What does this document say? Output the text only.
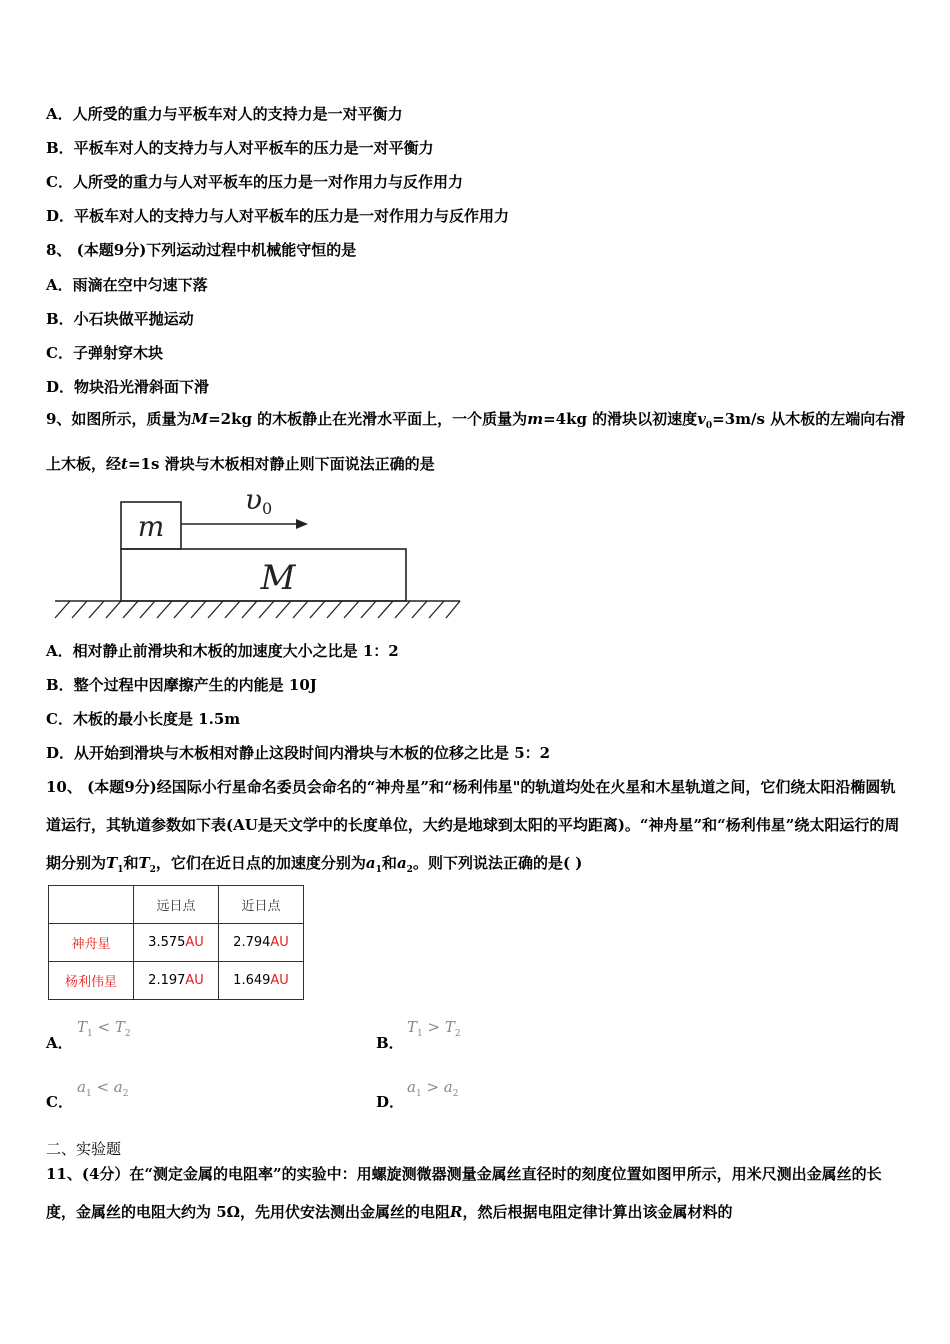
A．人所受的重力与平板车对人的支持力是一对平衡力
B．平板车对人的支持力与人对平板车的压力是一对平衡力
C．人所受的重力与人对平板车的压力是一对作用力与反作用力
D．平板车对人的支持力与人对平板车的压力是一对作用力与反作用力
8、 (本题9分)下列运动过程中机械能守恒的是
A．雨滴在空中匀速下落
B．小石块做平抛运动
C．子弹射穿木块
D．物块沿光滑斜面下滑
9、如图所示，质量为M=2kg 的木板静止在光滑水平面上，一个质量为m=4kg 的滑块以初速度$v_0=3m/s$ 从木板的左端向右滑上木板，经t=1s 滑块与木板相对静止则下面说法正确的是
m
υ0
M
A．相对静止前滑块和木板的加速度大小之比是 1：2
B．整个过程中因摩擦产生的内能是 10J
C．木板的最小长度是 1.5m
D．从开始到滑块与木板相对静止这段时间内滑块与木板的位移之比是 5：2
10、 (本题9分)经国际小行星命名委员会命名的“神舟星”和“杨利伟星"的轨道均处在火星和木星轨道之间，它们绕太阳沿椭圆轨道运行，其轨道参数如下表(AU是天文学中的长度单位，大约是地球到太阳的平均距离)。“神舟星”和“杨利伟星”绕太阳运行的周期分别为$T_1$和$T_2$，它们在近日点的加速度分别为$a_1$和$a_2$。则下列说法正确的是( )
	远日点	近日点
神舟星	3.575AU	2.794AU
杨利伟星	2.197AU	1.649AU
A．
$T_1 < T_2$	B．
$T_1 > T_2$
C．
$a_1 < a_2$	D．
$a_1 > a_2$
二、实验题
11、(4分）在“测定金属的电阻率”的实验中：用螺旋测微器测量金属丝直径时的刻度位置如图甲所示，用米尺测出金属丝的长度，金属丝的电阻大约为 5Ω，先用伏安法测出金属丝的电阻R，然后根据电阻定律计算出该金属材料的
